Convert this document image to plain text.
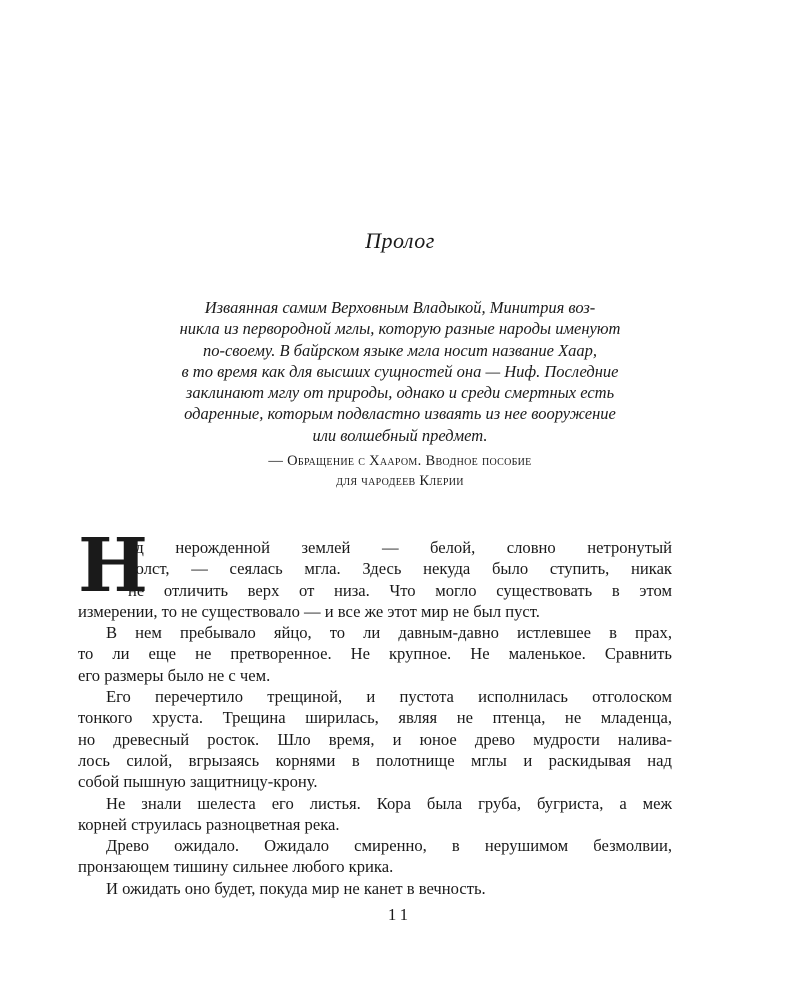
Пролог
Изваянная самим Верховным Владыкой, Минитрия воз-
никла из первородной мглы, которую разные народы именуют
по-своему. В байрском языке мгла носит название Хаар,
в то время как для высших сущностей она — Ниф. Последние
заклинают мглу от природы, однако и среди смертных есть
одаренные, которым подвластно изваять из нее вооружение
или волшебный предмет.
— Обращение с Хааром. Вводное пособие
для чародеев Клерии
Н
ад нерожденной землей — белой, словно нетронутый
холст, — сеялась мгла. Здесь некуда было ступить, никак
не отличить верх от низа. Что могло существовать в этом
измерении, то не существовало — и все же этот мир не был пуст.
В нем пребывало яйцо, то ли давным-давно истлевшее в прах,
то ли еще не претворенное. Не крупное. Не маленькое. Сравнить
его размеры было не с чем.
Его перечертило трещиной, и пустота исполнилась отголоском
тонкого хруста. Трещина ширилась, являя не птенца, не младенца,
но древесный росток. Шло время, и юное древо мудрости налива-
лось силой, вгрызаясь корнями в полотнище мглы и раскидывая над
собой пышную защитницу-крону.
Не знали шелеста его листья. Кора была груба, бугриста, а меж
корней струилась разноцветная река.
Древо ожидало. Ожидало смиренно, в нерушимом безмолвии,
пронзающем тишину сильнее любого крика.
И ожидать оно будет, покуда мир не канет в вечность.
11
